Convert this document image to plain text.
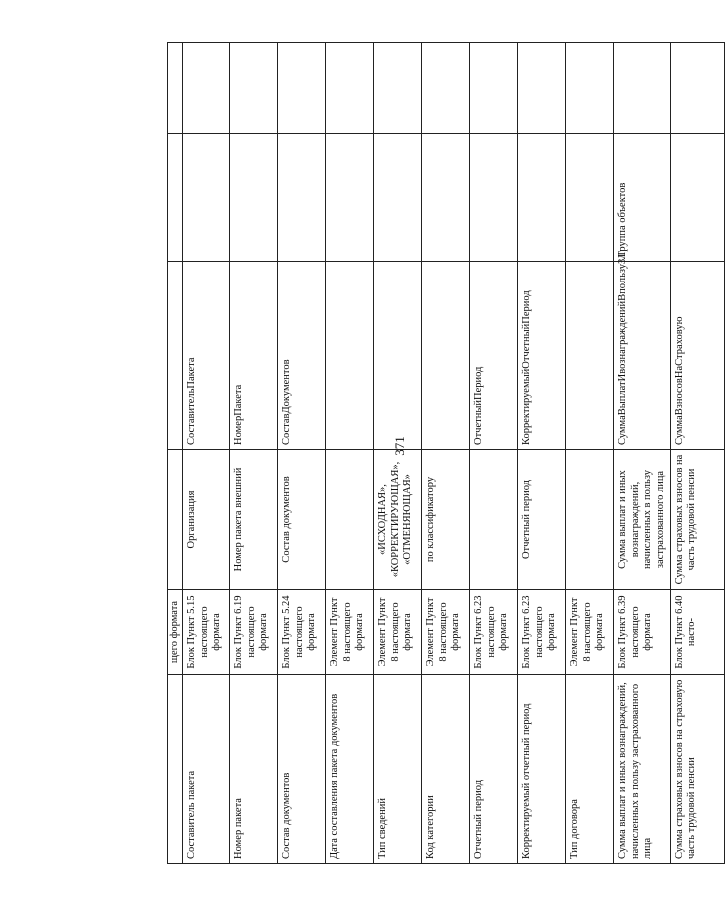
371
	щего формата				
Составитель пакета	Блок Пункт 5.15 настоящего формата	Организация	СоставительПакета		
Номер пакета	Блок Пункт 6.19 настоящего формата	Номер пакета внешний	НомерПакета		
Состав документов	Блок Пункт 5.24 настоящего формата	Состав документов	СоставДокументов		
Дата составления пакета документов	Элемент Пункт 8 настоящего формата				
Тип сведений	Элемент Пункт 8 настоящего формата	«ИСХОДНАЯ», «КОРРЕКТИРУЮЩАЯ», «ОТМЕНЯЮЩАЯ»			
Код категории	Элемент Пункт 8 настоящего формата	по классификатору			
Отчетный период	Блок Пункт 6.23 настоящего формата		ОтчетныйПериод		
Корректируемый отчетный период	Блок Пункт 6.23 настоящего формата	Отчетный период	КорректируемыйОтчетныйПериод		
Тип договора	Элемент Пункт 8 настоящего формата				
Сумма выплат и иных вознаграждений, начисленных в пользу застрахованного лица	Блок Пункт 6.39 настоящего формата	Сумма выплат и иных вознаграждений, начисленных в пользу застрахованного лица	СуммаВыплатИвознагражденийВпользуЗЛ	Группа объектов	
Сумма страховых взносов на страховую часть трудовой пенсии	Блок Пункт 6.40 насто-	Сумма страховых взносов на часть трудовой пенсии	СуммаВзносовНаСтраховую		
